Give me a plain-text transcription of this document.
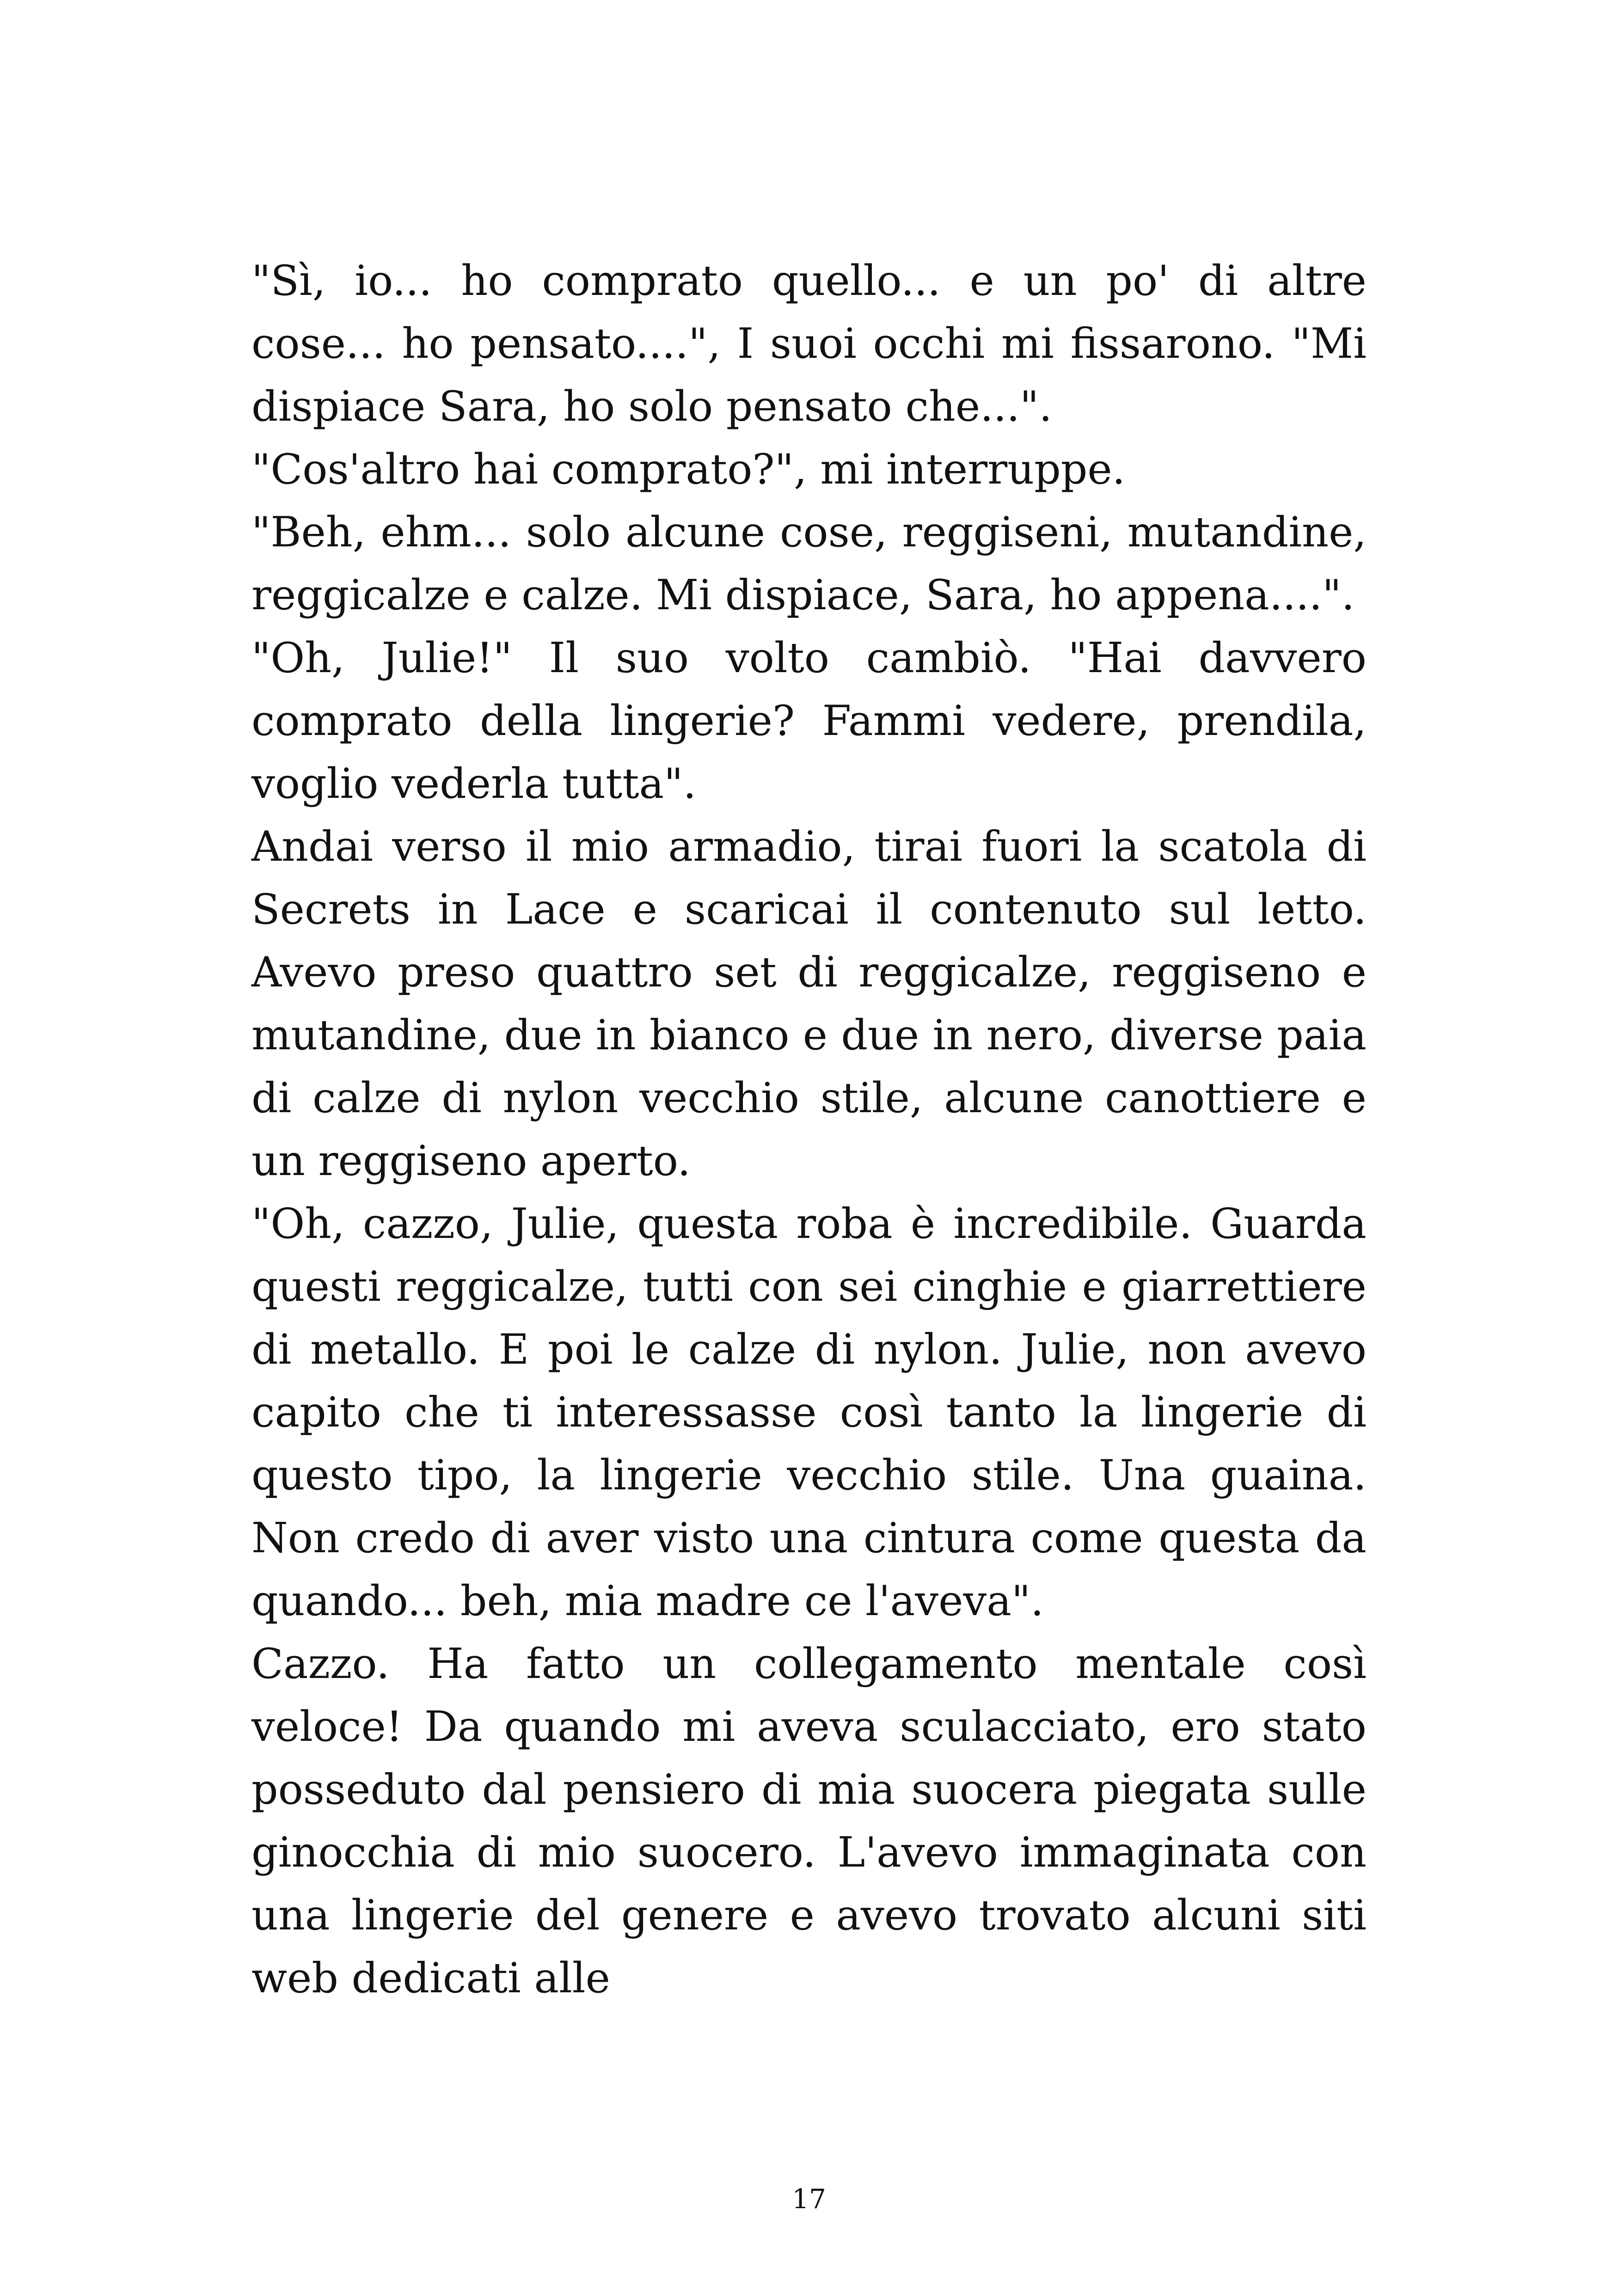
"Sì, io... ho comprato quello... e un po' di altre cose... ho pensato....", I suoi occhi mi fissarono. "Mi dispiace Sara, ho solo pensato che...".

"Cos'altro hai comprato?", mi interruppe.

"Beh, ehm... solo alcune cose, reggiseni, mutandine, reggicalze e calze. Mi dispiace, Sara, ho appena....".

"Oh, Julie!" Il suo volto cambiò. "Hai davvero comprato della lingerie? Fammi vedere, prendila, voglio vederla tutta".

Andai verso il mio armadio, tirai fuori la scatola di Secrets in Lace e scaricai il contenuto sul letto. Avevo preso quattro set di reggicalze, reggiseno e mutandine, due in bianco e due in nero, diverse paia di calze di nylon vecchio stile, alcune canottiere e un reggiseno aperto.

"Oh, cazzo, Julie, questa roba è incredibile. Guarda questi reggicalze, tutti con sei cinghie e giarrettiere di metallo. E poi le calze di nylon. Julie, non avevo capito che ti interessasse così tanto la lingerie di questo tipo, la lingerie vecchio stile. Una guaina. Non credo di aver visto una cintura come questa da quando... beh, mia madre ce l'aveva".

Cazzo. Ha fatto un collegamento mentale così veloce! Da quando mi aveva sculacciato, ero stato posseduto dal pensiero di mia suocera piegata sulle ginocchia di mio suocero. L'avevo immaginata con una lingerie del genere e avevo trovato alcuni siti web dedicati alle

17
